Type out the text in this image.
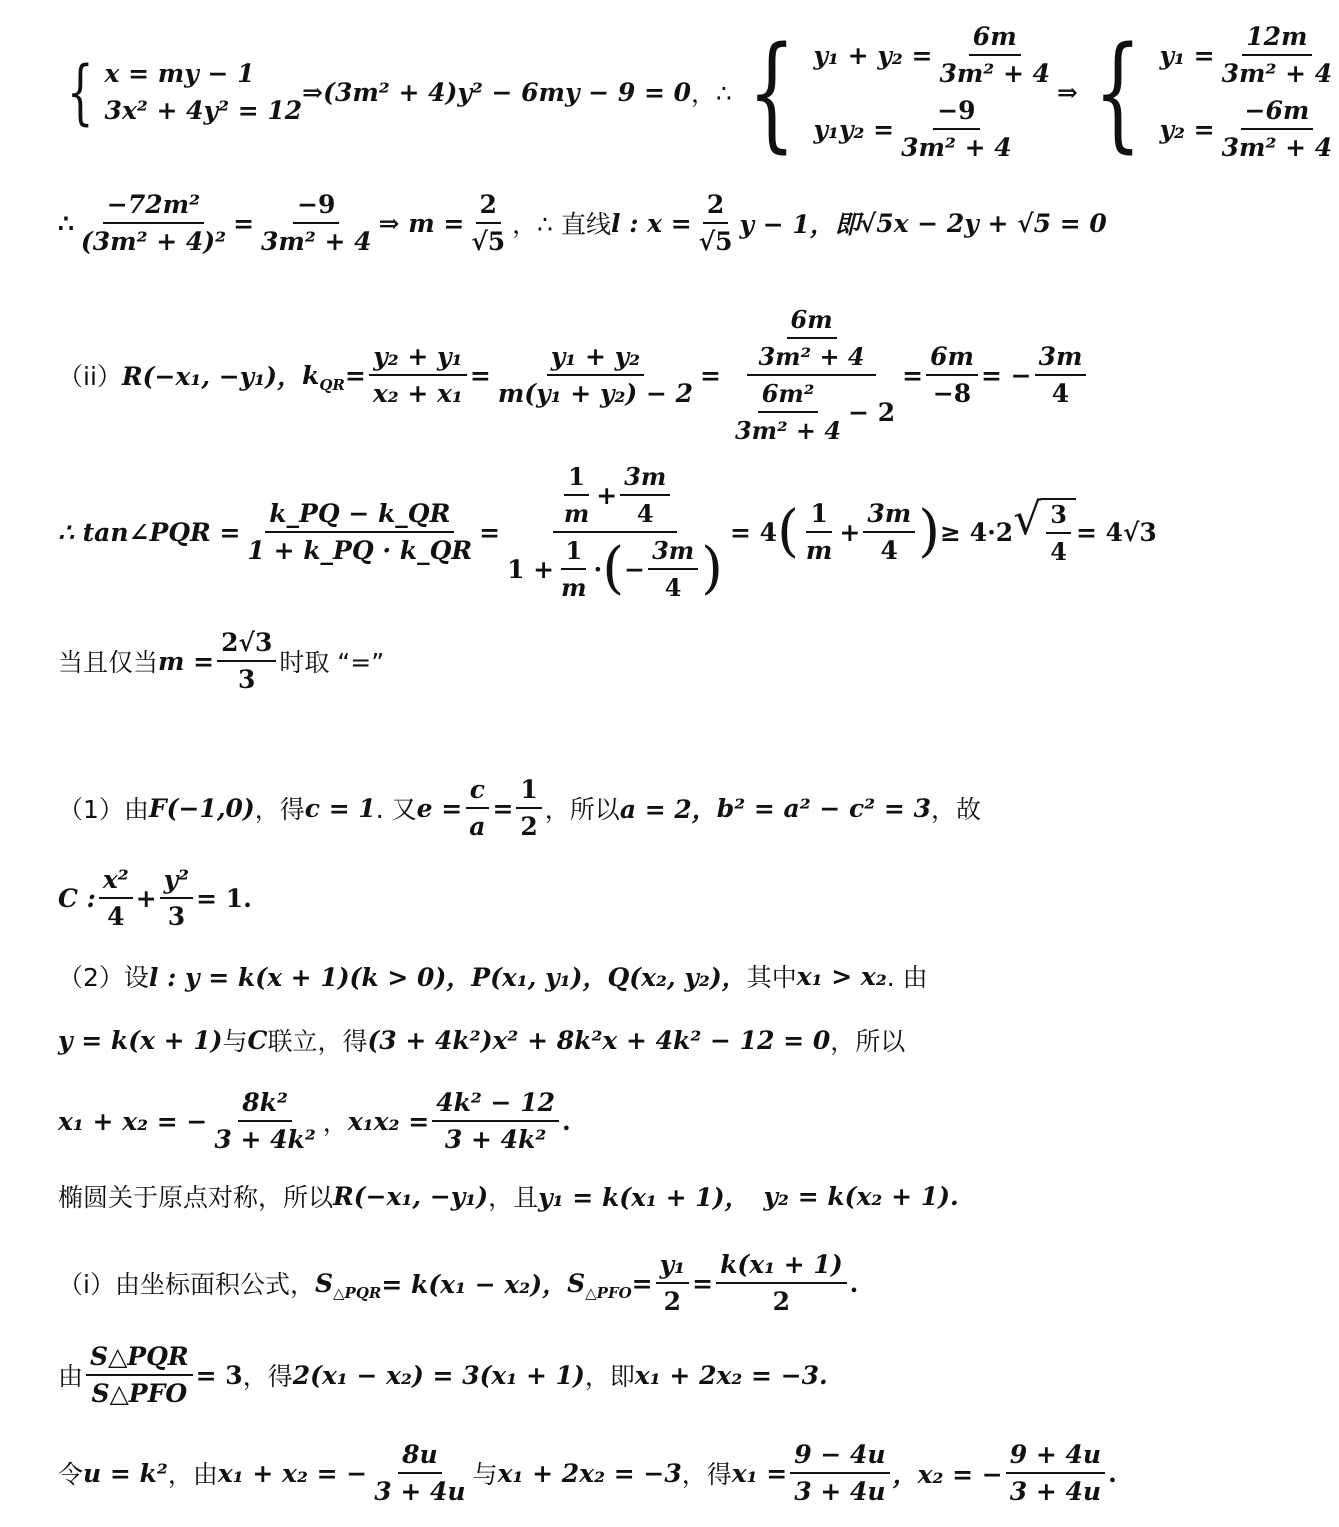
{ x = my − 1
3x² + 4y² = 12
⇒ (3m² + 4)y² − 6my − 9 = 0 ，∴ { $y_1 + y_2 = \frac{6m}{\text{3m² + 4}}$
$y_1y_2 = \frac{-9}{\text{3m² + 4}}$
⇒ { $y_1 = \frac{12m}{\text{3m² + 4}}$
$y_2 = \frac{-6m}{\text{3m² + 4}}$
∴ $\frac{\text{−72m²}}{\text{(3m² + 4)²}} = \frac{-9}{\text{3m² + 4}}$ ⇒ $m = \frac{2}{√5}$ ，∴ 直线 l : $x = \frac{2}{√5}$ y − 1，即 √5x − 2y + √5 = 0
（ii） R(−x₁, −y₁)， $k_{QR} = \frac{\text{y₂ + y₁}}{\text{x₂ + x₁}} = \frac{\text{y₁ + y₂}}{\text{m(y₁ + y₂) − 2}} = \frac{\frac{6m}{\text{3m² + 4}}}{\frac{\text{6m²}}{\text{3m² + 4}} - 2} = \frac{6m}{-8}$ = − $\frac{3m}{4}$
∴ tan∠PQR = $\frac{k\_PQ - k\_QR}{1 + k\_PQ \cdot k\_QR}$ =
$\frac{1}{m} + \frac{3m}{4}$
$1 + \frac{1}{m}$ · ( − $\frac{3m}{4}$ )
= 4 ( $\frac{1}{m} + \frac{3m}{4}$ ) ≥ 4·2 √ $\frac{3}{4} = 4√3$
当且仅当 $m = \frac{2√3}{3}$ 时取 “=”
（1）由 F(−1,0) ，得 c = 1 . 又 $e = \frac{c}{a} = \frac{1}{2}$ ，所以 a = 2， b² = a² − c² = 3 ，故
C : $\frac{\text{x²}}{4} + \frac{\text{y²}}{3} = 1$.
（2）设 l : y = k(x + 1)(k > 0)， P(x₁, y₁)， Q(x₂, y₂)， 其中 x₁ > x₂ . 由
y = k(x + 1) 与 C 联立，得 (3 + 4k²)x² + 8k²x + 4k² − 12 = 0 ，所以
x₁ + x₂ = − $\frac{\text{8k²}}{\text{3 + 4k²}}$ ， $x_1x_2 = \frac{\text{4k² − 12}}{\text{3 + 4k²}}$ .
椭圆关于原点对称，所以 R(−x₁, −y₁) ，且 y₁ = k(x₁ + 1)， y₂ = k(x₂ + 1).
（i）由坐标面积公式， $S_{\triangle PQR} = k(x_1 - x_2)$， $S_{\triangle PFO} = \frac{\text{y₁}}{2} = \frac{\text{k(x₁ + 1)}}{2}$ .
由 $\frac{\text{S△PQR}}{\text{S△PFO}} = 3$ ，得 2(x₁ − x₂) = 3(x₁ + 1) ，即 x₁ + 2x₂ = −3.
令 u = k² ，由 x₁ + x₂ = − $\frac{8u}{3 + 4u}$ 与 x₁ + 2x₂ = −3 ，得 $x_1 = \frac{9 - 4u}{3 + 4u}$ ，x₂ = − $\frac{9 + 4u}{3 + 4u}$ .
